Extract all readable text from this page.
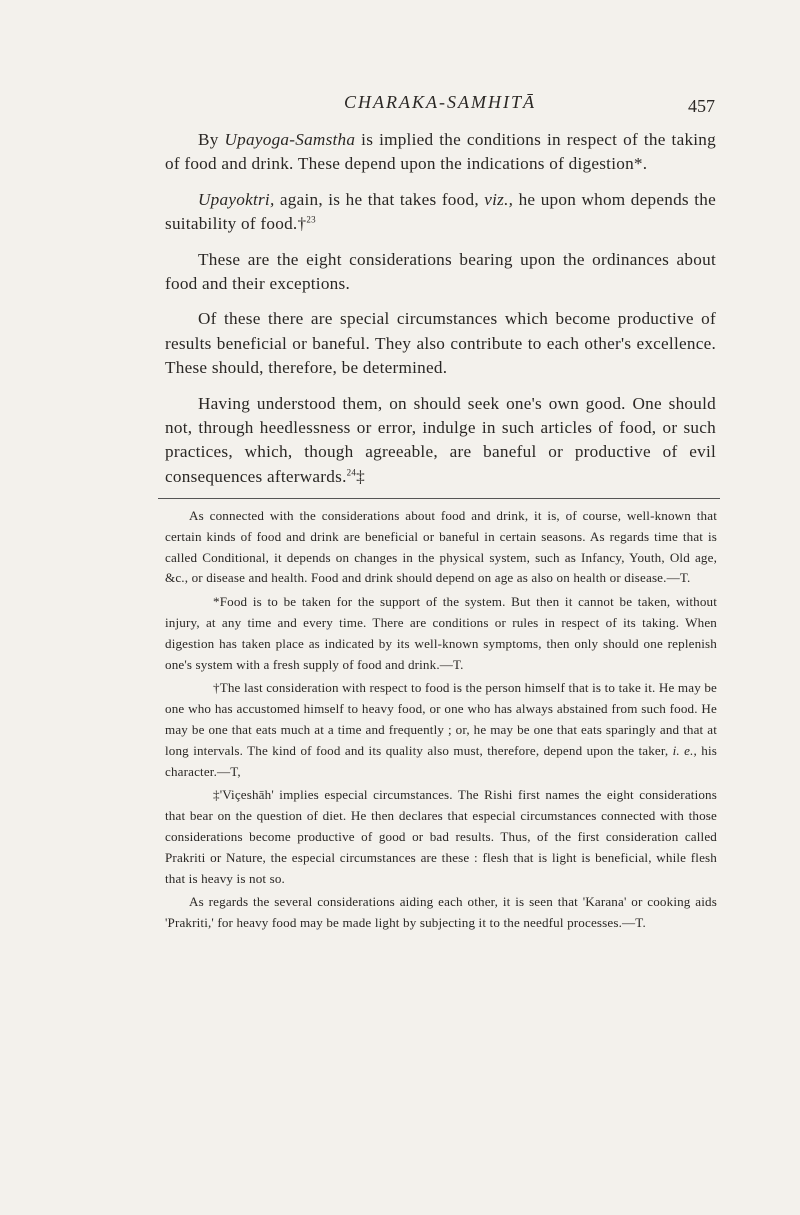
CHARAKA-SAMHITĀ	457

By Upayoga-Samstha is implied the conditions in respect of the taking of food and drink. These depend upon the indications of digestion*.

Upayoktri, again, is he that takes food, viz., he upon whom depends the suitability of food.†$^{23}$

These are the eight considerations bearing upon the ordinances about food and their exceptions.

Of these there are special circumstances which become productive of results beneficial or baneful. They also contribute to each other's excellence. These should, therefore, be determined.

Having understood them, on should seek one's own good. One should not, through heedlessness or error, indulge in such articles of food, or such practices, which, though agreeable, are baneful or productive of evil consequences afterwards.$^{24}$‡

As connected with the considerations about food and drink, it is, of course, well-known that certain kinds of food and drink are beneficial or baneful in certain seasons. As regards time that is called Conditional, it depends on changes in the physical system, such as Infancy, Youth, Old age, &c., or disease and health. Food and drink should depend on age as also on health or disease.—T.

*Food is to be taken for the support of the system. But then it cannot be taken, without injury, at any time and every time. There are conditions or rules in respect of its taking. When digestion has taken place as indicated by its well-known symptoms, then only should one replenish one's system with a fresh supply of food and drink.—T.

†The last consideration with respect to food is the person himself that is to take it. He may be one who has accustomed himself to heavy food, or one who has always abstained from such food. He may be one that eats much at a time and frequently ; or, he may be one that eats sparingly and that at long intervals. The kind of food and its quality also must, therefore, depend upon the taker, i. e., his character.—T,

‡'Viçeshāh' implies especial circumstances. The Rishi first names the eight considerations that bear on the question of diet. He then declares that especial circumstances connected with those considerations become productive of good or bad results. Thus, of the first consideration called Prakriti or Nature, the especial circumstances are these : flesh that is light is beneficial, while flesh that is heavy is not so.

As regards the several considerations aiding each other, it is seen that 'Karana' or cooking aids 'Prakriti,' for heavy food may be made light by subjecting it to the needful processes.—T.
